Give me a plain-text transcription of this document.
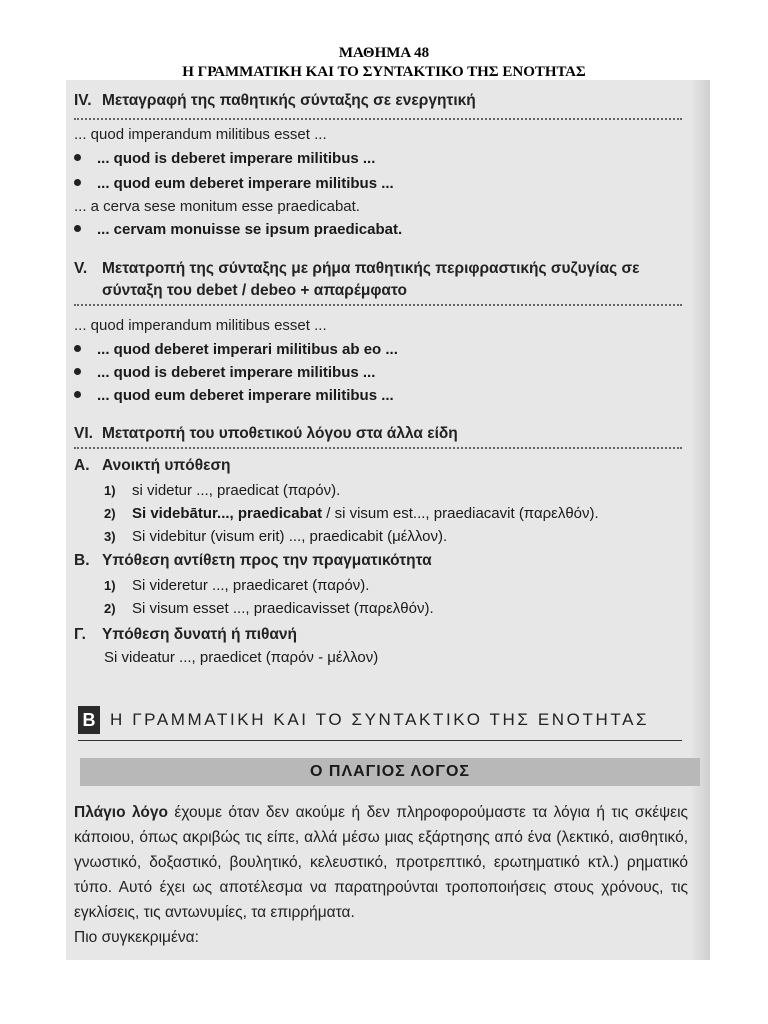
ΜΑΘΗΜΑ 48
Η ΓΡΑΜΜΑΤΙΚΗ ΚΑΙ ΤΟ ΣΥΝΤΑΚΤΙΚΟ ΤΗΣ ΕΝΟΤΗΤΑΣ
IV. Μεταγραφή της παθητικής σύνταξης σε ενεργητική
... quod imperandum militibus esset ...
... quod is deberet imperare militibus ...
... quod eum deberet imperare militibus ...
... a cerva sese monitum esse praedicabat.
... cervam monuisse se ipsum praedicabat.
V. Μετατροπή της σύνταξης με ρήμα παθητικής περιφραστικής συζυγίας σε
σύνταξη του debet / debeo + απαρέμφατο
... quod imperandum militibus esset ...
... quod deberet imperari militibus ab eo ...
... quod is deberet imperare militibus ...
... quod eum deberet imperare militibus ...
VI. Μετατροπή του υποθετικού λόγου στα άλλα είδη
Α. Ανοικτή υπόθεση
1) si videtur ..., praedicat (παρόν).
2) Si videbātur..., praedicabat / si visum est..., praediacavit (παρελθόν).
3) Si videbitur (visum erit) ..., praedicabit (μέλλον).
Β. Υπόθεση αντίθετη προς την πραγματικότητα
1) Si videretur ..., praedicaret (παρόν).
2) Si visum esset ..., praedicavisset (παρελθόν).
Γ. Υπόθεση δυνατή ή πιθανή
Si videatur ..., praedicet (παρόν - μέλλον)
B Η ΓΡΑΜΜΑΤΙΚΗ ΚΑΙ ΤΟ ΣΥΝΤΑΚΤΙΚΟ ΤΗΣ ΕΝΟΤΗΤΑΣ
Ο ΠΛΑΓΙΟΣ ΛΟΓΟΣ
Πλάγιο λόγο έχουμε όταν δεν ακούμε ή δεν πληροφορούμαστε τα λόγια ή τις σκέψεις κάποιου, όπως ακριβώς τις είπε, αλλά μέσω μιας εξάρτησης από ένα (λεκτικό, αισθητικό, γνωστικό, δοξαστικό, βουλητικό, κελευστικό, προτρεπτικό, ερωτηματικό κτλ.) ρηματικό τύπο. Αυτό έχει ως αποτέλεσμα να παρατηρούνται τροποποιήσεις στους χρόνους, τις εγκλίσεις, τις αντωνυμίες, τα επιρρήματα.
Πιο συγκεκριμένα:
